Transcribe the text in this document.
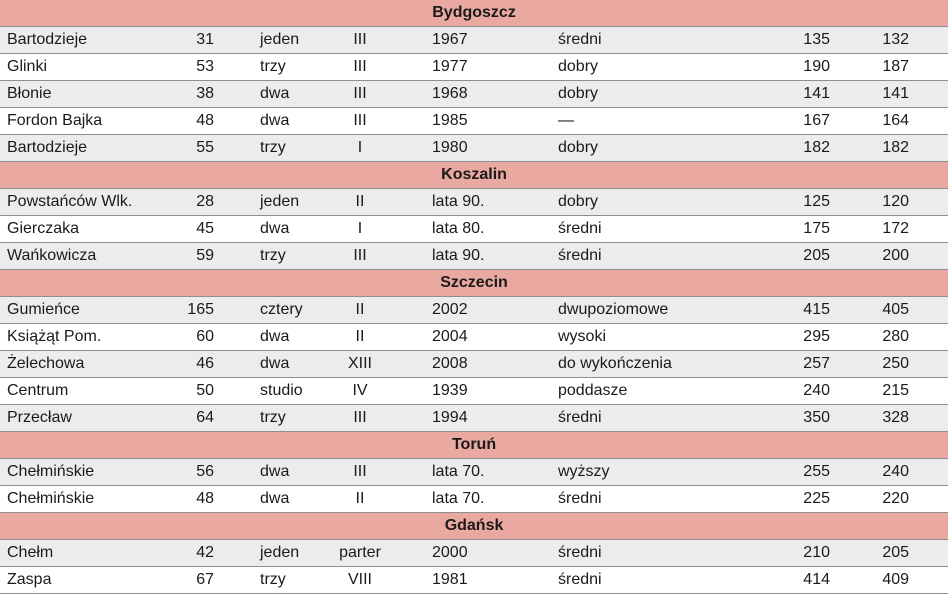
Bydgoszcz							
Bartodzieje	31	jeden	III	1967	średni	135	132
Glinki	53	trzy	III	1977	dobry	190	187
Błonie	38	dwa	III	1968	dobry	141	141
Fordon Bajka	48	dwa	III	1985	—	167	164
Bartodzieje	55	trzy	I	1980	dobry	182	182
Koszalin							
Powstańców Wlk.	28	jeden	II	lata 90.	dobry	125	120
Gierczaka	45	dwa	I	lata 80.	średni	175	172
Wańkowicza	59	trzy	III	lata 90.	średni	205	200
Szczecin							
Gumieńce	165	cztery	II	2002	dwupoziomowe	415	405
Książąt Pom.	60	dwa	II	2004	wysoki	295	280
Żelechowa	46	dwa	XIII	2008	do wykończenia	257	250
Centrum	50	studio	IV	1939	poddasze	240	215
Przecław	64	trzy	III	1994	średni	350	328
Toruń							
Chełmińskie	56	dwa	III	lata 70.	wyższy	255	240
Chełmińskie	48	dwa	II	lata 70.	średni	225	220
Gdańsk							
Chełm	42	jeden	parter	2000	średni	210	205
Zaspa	67	trzy	VIII	1981	średni	414	409
